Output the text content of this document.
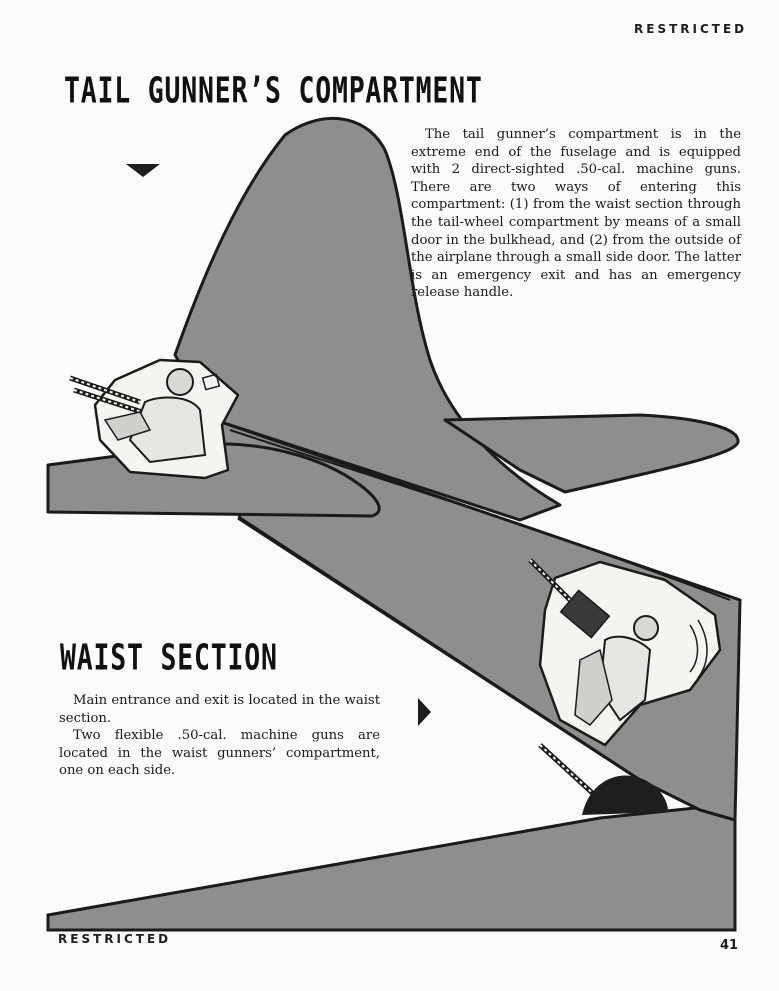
RESTRICTED
TAIL GUNNER’S COMPARTMENT

The tail gunner’s compartment is in the extreme end of the fuselage and is equipped with 2 direct-sighted .50-cal. machine guns. There are two ways of entering this compartment: (1) from the waist section through the tail-wheel compartment by means of a small door in the bulkhead, and (2) from the outside of the airplane through a small side door. The latter is an emergency exit and has an emergency release handle.

WAIST SECTION

Main entrance and exit is located in the waist section.

Two flexible .50-cal. machine guns are located in the waist gunners’ compartment, one on each side.

RESTRICTED	41
